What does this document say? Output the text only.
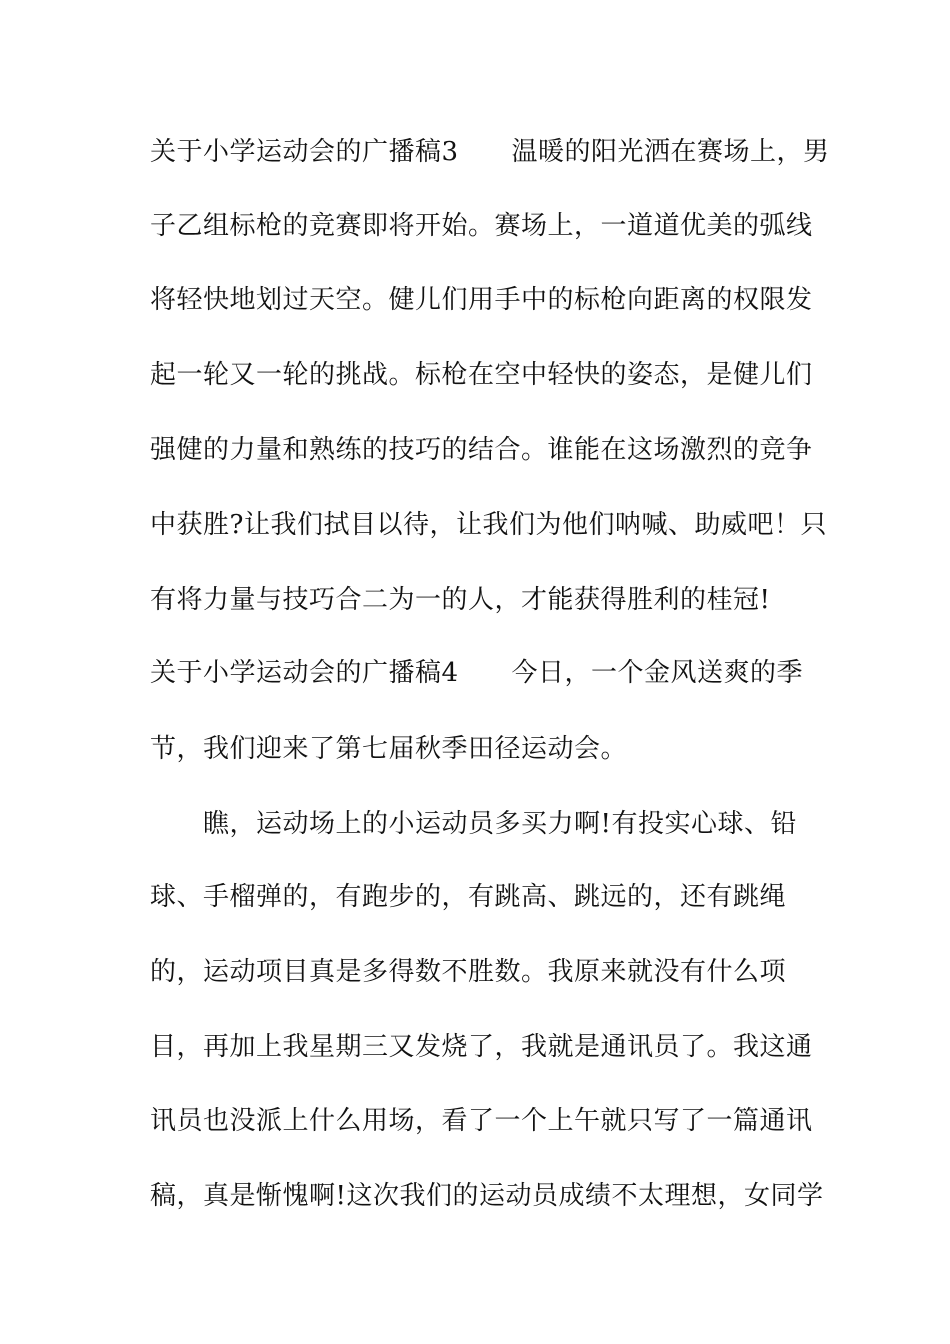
关于小学运动会的广播稿3　　温暖的阳光洒在赛场上，男
子乙组标枪的竞赛即将开始。赛场上，一道道优美的弧线
将轻快地划过天空。健儿们用手中的标枪向距离的权限发
起一轮又一轮的挑战。标枪在空中轻快的姿态，是健儿们
强健的力量和熟练的技巧的结合。谁能在这场激烈的竞争
中获胜?让我们拭目以待，让我们为他们呐喊、助威吧！只
有将力量与技巧合二为一的人，才能获得胜利的桂冠!
关于小学运动会的广播稿4　　今日，一个金风送爽的季
节，我们迎来了第七届秋季田径运动会。
　　瞧，运动场上的小运动员多买力啊!有投实心球、铅
球、手榴弹的，有跑步的，有跳高、跳远的，还有跳绳
的，运动项目真是多得数不胜数。我原来就没有什么项
目，再加上我星期三又发烧了，我就是通讯员了。我这通
讯员也没派上什么用场，看了一个上午就只写了一篇通讯
稿，真是惭愧啊!这次我们的运动员成绩不太理想，女同学
